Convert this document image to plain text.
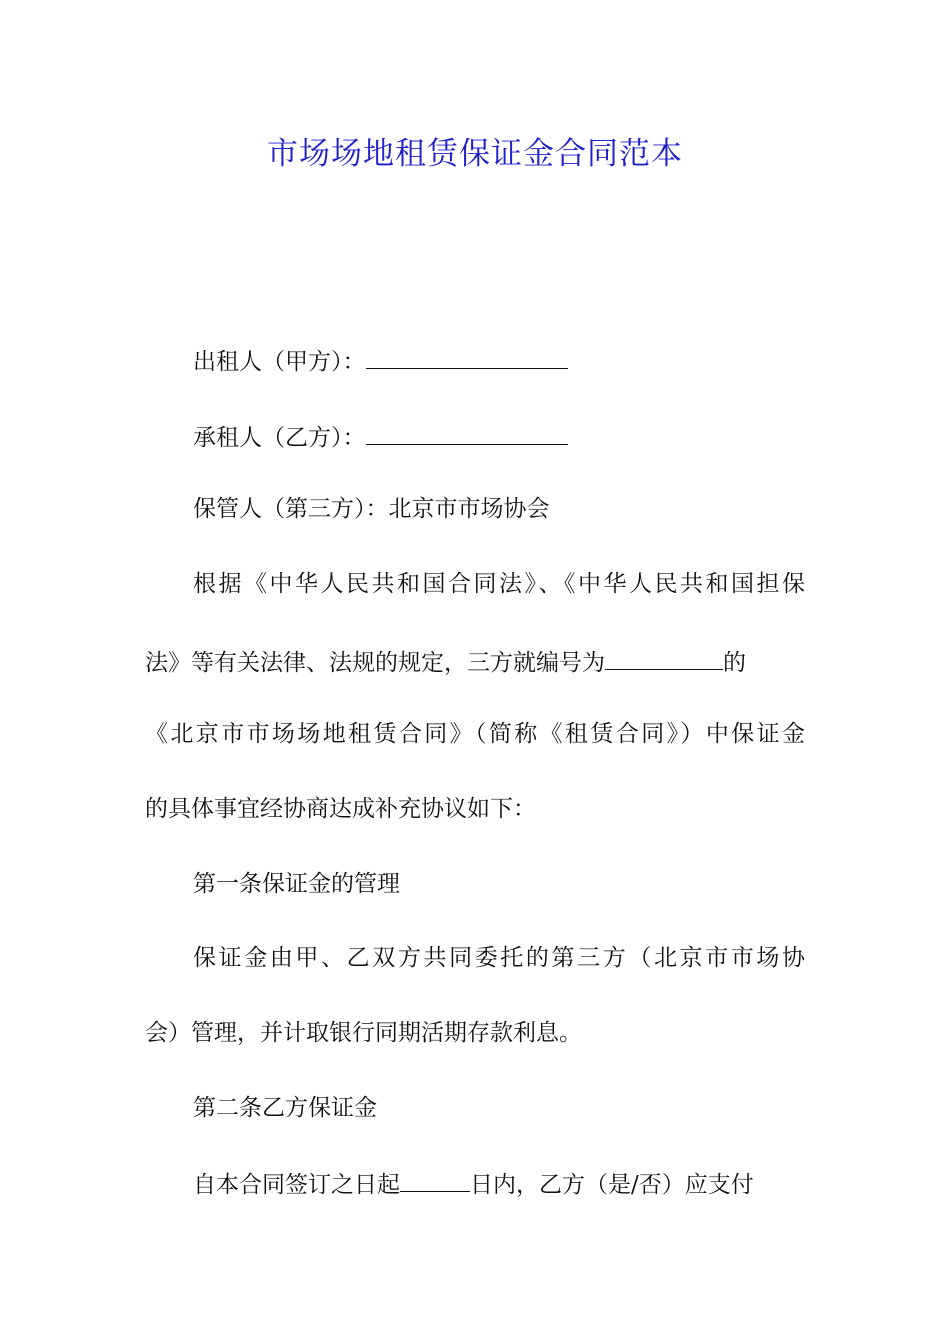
市场场地租赁保证金合同范本
出租人（甲方）：
承租人（乙方）：
保管人（第三方）：北京市市场协会
根据《中华人民共和国合同法》、《中华人民共和国担保
法》等有关法律、法规的规定，三方就编号为	的
《北京市市场场地租赁合同》（简称《租赁合同》）中保证金
的具体事宜经协商达成补充协议如下：
第一条保证金的管理
保证金由甲、乙双方共同委托的第三方（北京市市场协
会）管理，并计取银行同期活期存款利息。
第二条乙方保证金
自本合同签订之日起	日内，乙方（是/否）应支付
